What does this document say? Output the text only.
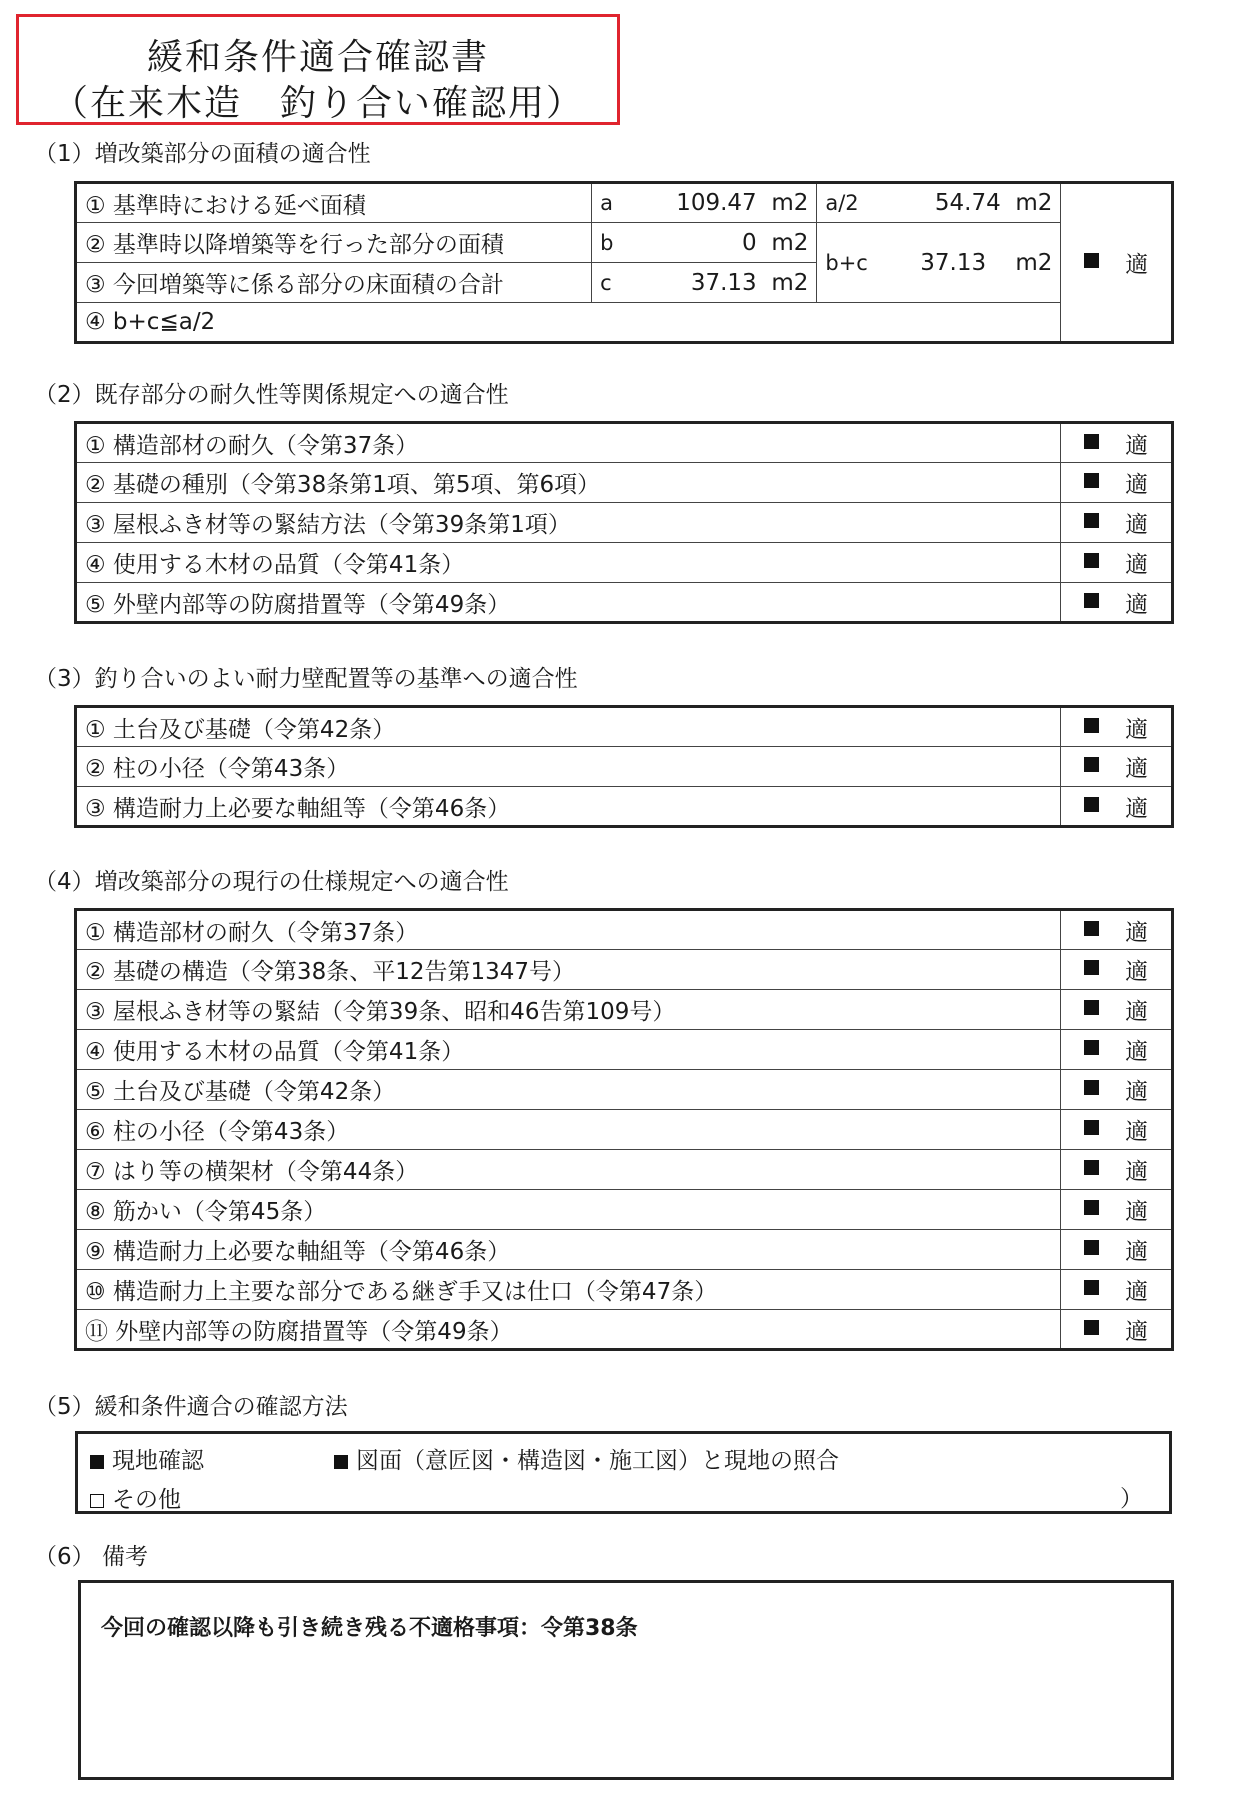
緩和条件適合確認書
（在来木造　釣り合い確認用）
（1）増改築部分の面積の適合性
① 基準時における延べ面積	a 109.47 m2	a/2 54.74 m2	適
② 基準時以降増築等を行った部分の面積	b 0 m2	b+c 37.13 m2	

③ 今回増築等に係る部分の床面積の合計	c 37.13 m2		

④ b+c≦a/2			
（2）既存部分の耐久性等関係規定への適合性
① 構造部材の耐久（令第37条）	適
② 基礎の種別（令第38条第1項、第5項、第6項）	適
③ 屋根ふき材等の緊結方法（令第39条第1項）	適
④ 使用する木材の品質（令第41条）	適
⑤ 外壁内部等の防腐措置等（令第49条）	適
（3）釣り合いのよい耐力壁配置等の基準への適合性
① 土台及び基礎（令第42条）	適
② 柱の小径（令第43条）	適
③ 構造耐力上必要な軸組等（令第46条）	適
（4）増改築部分の現行の仕様規定への適合性
① 構造部材の耐久（令第37条）	適
② 基礎の構造（令第38条、平12告第1347号）	適
③ 屋根ふき材等の緊結（令第39条、昭和46告第109号）	適
④ 使用する木材の品質（令第41条）	適
⑤ 土台及び基礎（令第42条）	適
⑥ 柱の小径（令第43条）	適
⑦ はり等の横架材（令第44条）	適
⑧ 筋かい（令第45条）	適
⑨ 構造耐力上必要な軸組等（令第46条）	適
⑩ 構造耐力上主要な部分である継ぎ手又は仕口（令第47条）	適
⑪ 外壁内部等の防腐措置等（令第49条）	適
（5）緩和条件適合の確認方法
現地確認	図面（意匠図・構造図・施工図）と現地の照合
その他	）
（6） 備考
今回の確認以降も引き続き残る不適格事項：令第38条
